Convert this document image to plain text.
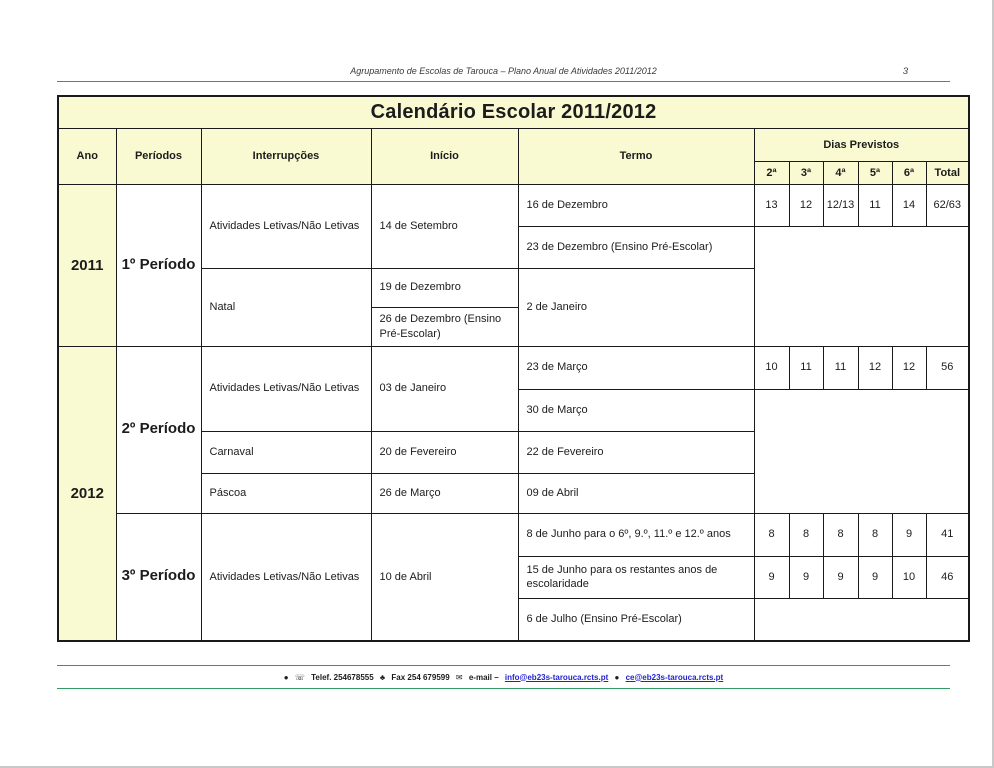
Agrupamento de Escolas de Tarouca – Plano Anual de Atividades 2011/2012	3
Calendário Escolar 2011/2012										
Ano	Períodos	Interrupções	Início	Termo	Dias Previstos					
					2ª	3ª	4ª	5ª	6ª	Total
2011	1º Período	Atividades Letivas/Não Letivas	14 de Setembro	16 de Dezembro	13	12	12/13	11	14	62/63
				23 de Dezembro (Ensino Pré-Escolar)						
		Natal	19 de Dezembro	2 de Janeiro						
			26 de Dezembro (Ensino Pré-Escolar)							
2012	2º Período	Atividades Letivas/Não Letivas	03 de Janeiro	23 de Março	10	11	11	12	12	56
				30 de Março						
		Carnaval	20 de Fevereiro	22 de Fevereiro						
		Páscoa	26 de Março	09 de Abril						
	3º Período	Atividades Letivas/Não Letivas	10 de Abril	8 de Junho para o 6º, 9.º, 11.º e 12.º anos	8	8	8	8	9	41
				15 de Junho para os restantes anos de escolaridade	9	9	9	9	10	46
				6 de Julho (Ensino Pré-Escolar)						
● ☏ Telef. 254678555 ♣ Fax 254 679599 ✉ e-mail – info@eb23s-tarouca.rcts.pt ● ce@eb23s-tarouca.rcts.pt
